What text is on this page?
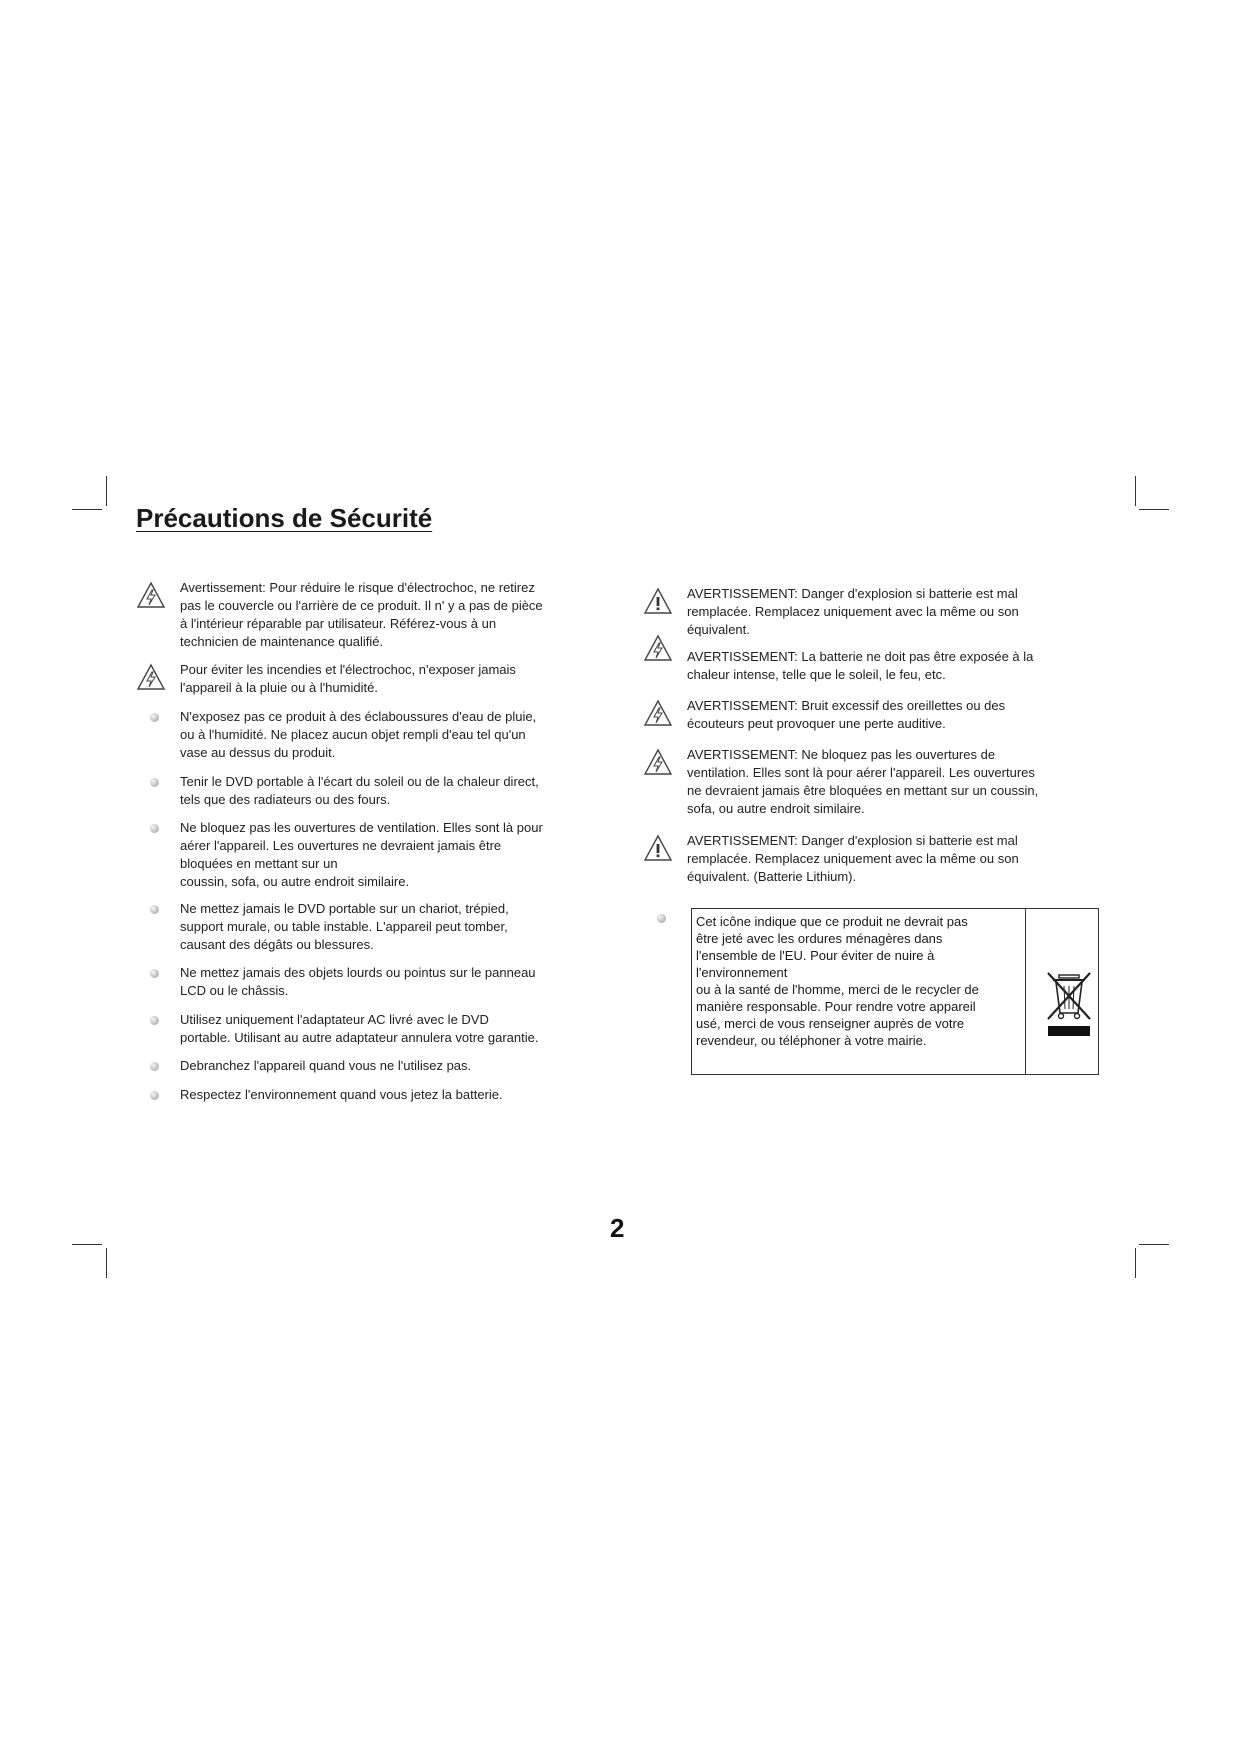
Précautions de Sécurité
Avertissement: Pour réduire le risque d'électrochoc, ne retirez
pas le couvercle ou l'arrière de ce produit. Il n' y a pas de pièce
à l'intérieur réparable par utilisateur. Référez-vous à un
technicien de maintenance qualifié.
Pour éviter les incendies et l'électrochoc, n'exposer jamais
l'appareil à la pluie ou à l'humidité.
N'exposez pas ce produit à des éclaboussures d'eau de pluie,
ou à l'humidité. Ne placez aucun objet rempli d'eau tel qu'un
vase au dessus du produit.
Tenir le DVD portable à l'écart du soleil ou de la chaleur direct,
tels que des radiateurs ou des fours.
Ne bloquez pas les ouvertures de ventilation. Elles sont là pour
aérer l'appareil. Les ouvertures ne devraient jamais être
bloquées en mettant sur un
coussin, sofa, ou autre endroit similaire.
Ne mettez jamais le DVD portable sur un chariot, trépied,
support murale, ou table instable. L'appareil peut tomber,
causant des dégâts ou blessures.
Ne mettez jamais des objets lourds ou pointus sur le panneau
LCD ou le châssis.
Utilisez uniquement l'adaptateur AC livré avec le DVD
portable. Utilisant au autre adaptateur annulera votre garantie.
Debranchez l'appareil quand vous ne l'utilisez pas.
Respectez l'environnement quand vous jetez la batterie.
AVERTISSEMENT: Danger d'explosion si batterie est mal
remplacée. Remplacez uniquement avec la même ou son
équivalent.
AVERTISSEMENT: La batterie ne doit pas être exposée à la
chaleur intense, telle que le soleil, le feu, etc.
AVERTISSEMENT: Bruit excessif des oreillettes ou des
écouteurs peut provoquer une perte auditive.
AVERTISSEMENT: Ne bloquez pas les ouvertures de
ventilation. Elles sont là pour aérer l'appareil. Les ouvertures
ne devraient jamais être bloquées en mettant sur un coussin,
sofa, ou autre endroit similaire.
AVERTISSEMENT: Danger d'explosion si batterie est mal
remplacée. Remplacez uniquement avec la même ou son
équivalent. (Batterie Lithium).
Cet icône indique que ce produit ne devrait pas
être jeté avec les ordures ménagères dans
l'ensemble de l'EU. Pour éviter de nuire à
l'environnement
ou à la santé de l'homme, merci de le recycler de
manière responsable. Pour rendre votre appareil
usé, merci de vous renseigner auprès de votre
revendeur, ou téléphoner à votre mairie.
2
